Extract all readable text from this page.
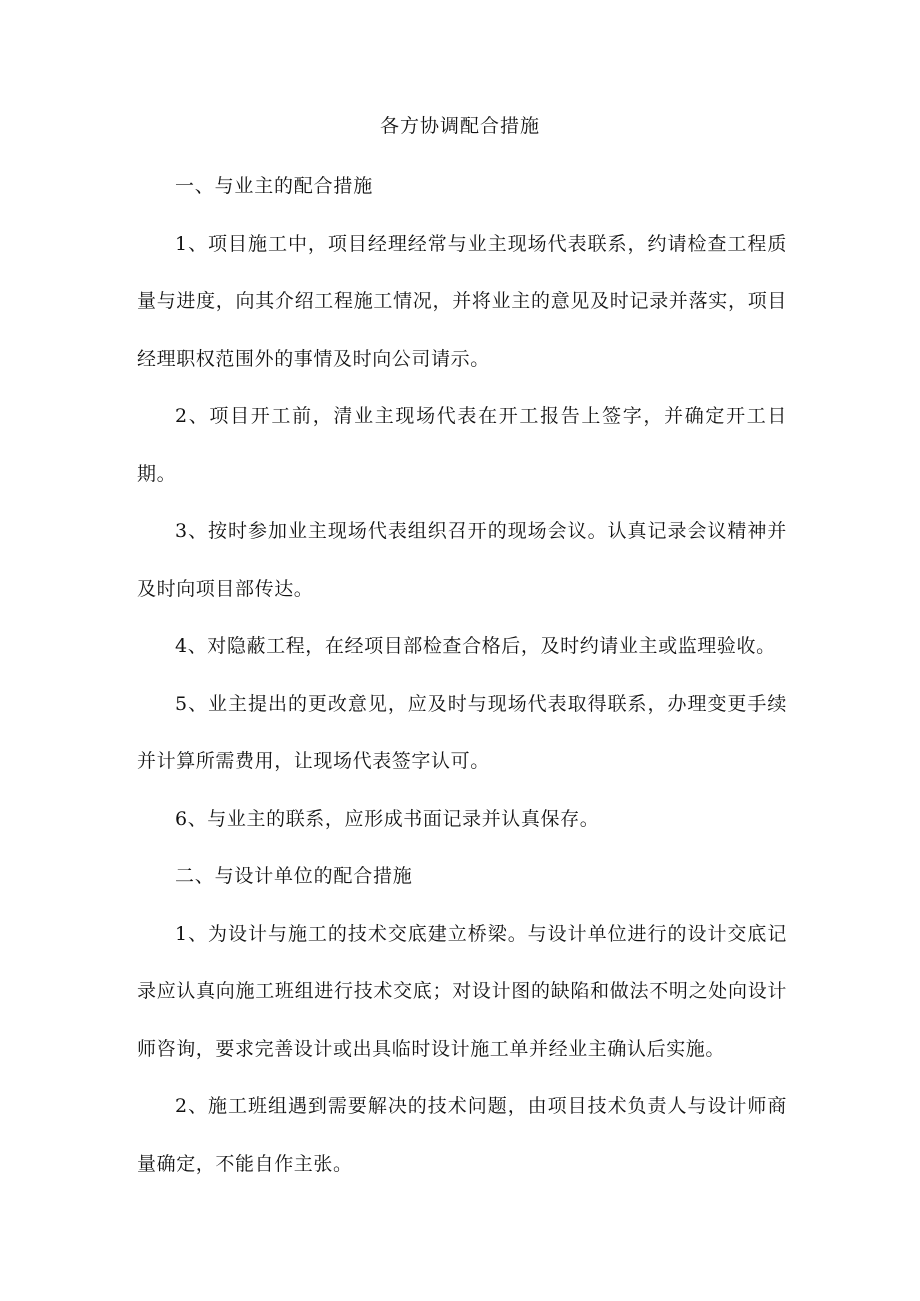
各方协调配合措施

一、与业主的配合措施

1、项目施工中，项目经理经常与业主现场代表联系，约请检查工程质量与进度，向其介绍工程施工情况，并将业主的意见及时记录并落实，项目经理职权范围外的事情及时向公司请示。

2、项目开工前，清业主现场代表在开工报告上签字，并确定开工日期。

3、按时参加业主现场代表组织召开的现场会议。认真记录会议精神并及时向项目部传达。

4、对隐蔽工程，在经项目部检查合格后，及时约请业主或监理验收。

5、业主提出的更改意见，应及时与现场代表取得联系，办理变更手续并计算所需费用，让现场代表签字认可。

6、与业主的联系，应形成书面记录并认真保存。

二、与设计单位的配合措施

1、为设计与施工的技术交底建立桥梁。与设计单位进行的设计交底记录应认真向施工班组进行技术交底；对设计图的缺陷和做法不明之处向设计师咨询，要求完善设计或出具临时设计施工单并经业主确认后实施。

2、施工班组遇到需要解决的技术问题，由项目技术负责人与设计师商量确定，不能自作主张。
